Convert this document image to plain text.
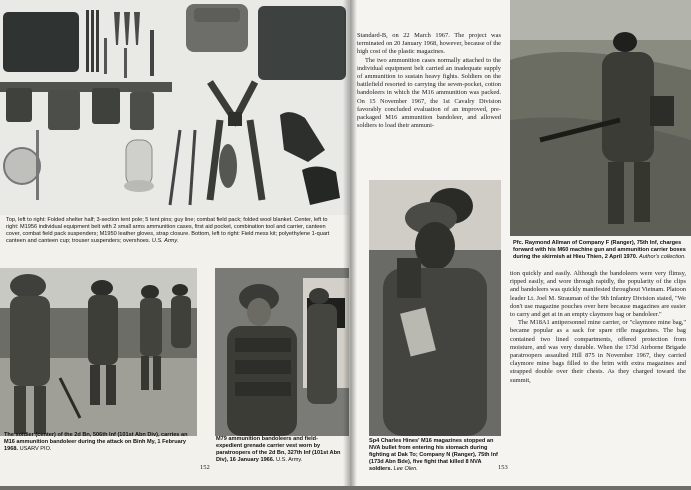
Top, left to right: Folded shelter half; 3-section tent pole; 5 tent pins; guy line; combat field pack; folded wool blanket. Center, left to right: M1956 individual equipment belt with 2 small arms ammunition cases, first aid pocket, combination tool and carrier, canteen cover, combat field pack suspenders; M1950 leather gloves, strap closure. Bottom, left to right: Field mess kit; polyethylene 1-quart canteen and canteen cup; trouser suspenders; overshoes. U.S. Army.
The soldier (center) of the 2d Bn, 506th Inf (101st Abn Div), carries an M16 ammunition bandoleer during the attack on Binh My, 1 February 1968. USARV PIO.
M79 ammunition bandoleers and field-expedient grenade carrier vest worn by paratroopers of the 2d Bn, 327th Inf (101st Abn Div), 16 January 1966. U.S. Army.
152

Standard-B, on 22 March 1967. The project was terminated on 20 January 1968, however, because of the high cost of the plastic magazines.

The two ammunition cases normally attached to the individual equipment belt carried an inadequate supply of ammunition to sustain heavy fights. Soldiers on the battlefield resorted to carrying the seven-pocket, cotton bandoleers in which the M16 ammunition was packed. On 15 November 1967, the 1st Cavalry Division favorably concluded evaluation of an improved, pre-packaged M16 ammunition bandoleer, and allowed soldiers to load their ammuni-

Pfc. Raymond Allman of Company F (Ranger), 75th Inf, charges forward with his M60 machine gun and ammunition carrier boxes during the skirmish at Hieu Thien, 2 April 1970. Author's collection.
Sp4 Charles Hines' M16 magazines stopped an NVA bullet from entering his stomach during fighting at Dak To; Company N (Ranger), 75th Inf (173d Abn Bde), five fight that killed 8 NVA soldiers. Lee Olen.

tion quickly and easily. Although the bandoleers were very flimsy, ripped easily, and wore through rapidly, the popularity of the clips and bandoleers was quickly manifested throughout Vietnam. Platoon leader Lt. Joel M. Strauman of the 9th Infantry Division stated, "We don't use magazine pouches over here because magazines are easier to carry and get at in an empty claymore bag or bandoleer."

The M18A1 antipersonnel mine carrier, or "claymore mine bag," became popular as a sack for spare rifle magazines. The bag contained two lined compartments, offered protection from moisture, and was very durable. When the 173d Airborne Brigade paratroopers assaulted Hill 875 in November 1967, they carried claymore mine bags filled to the brim with extra magazines and strapped double over their chests. As they charged toward the summit,

153
